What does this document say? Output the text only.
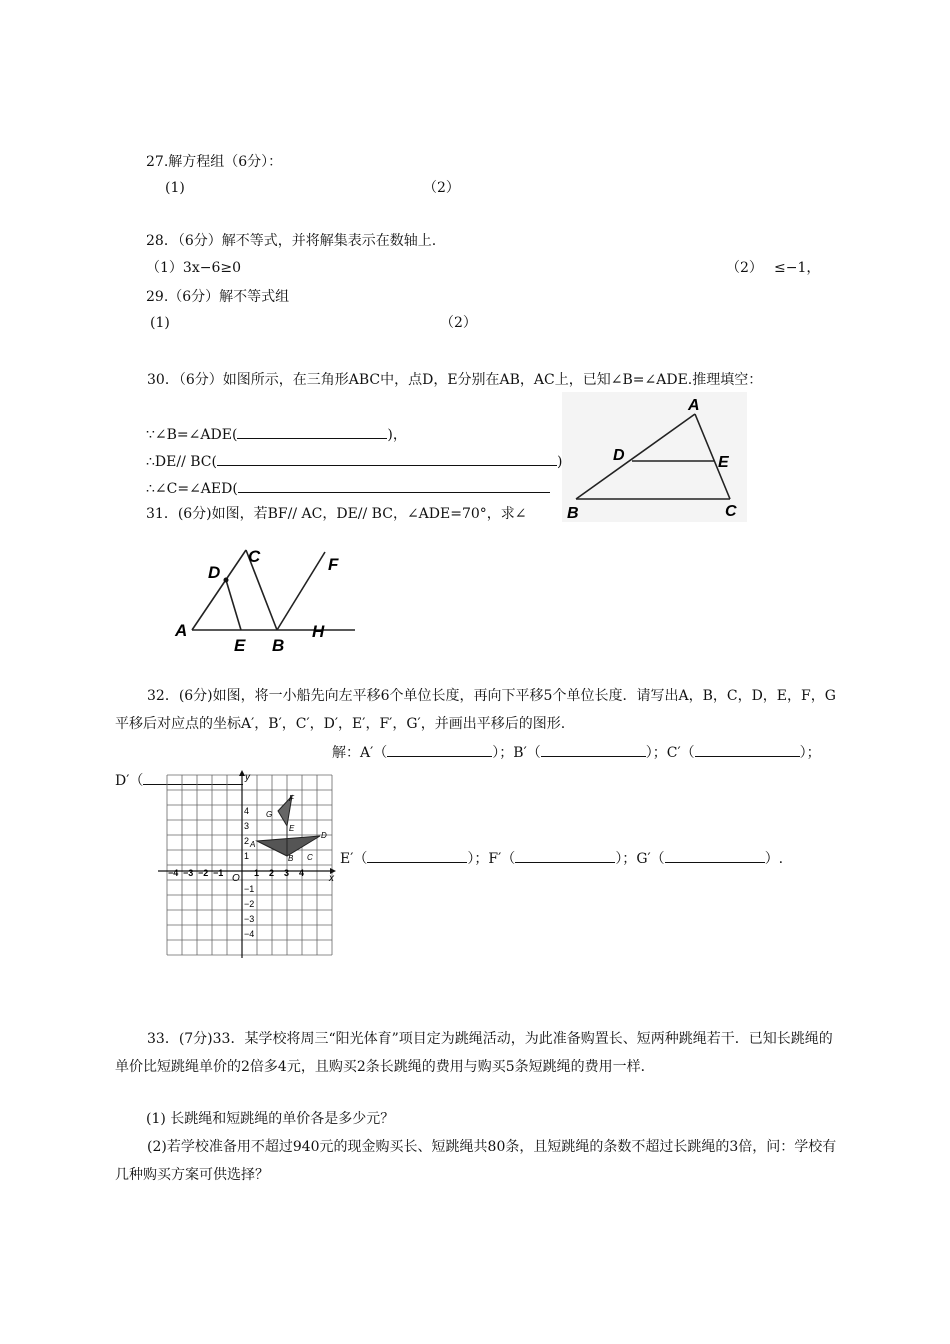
27.解方程组（6分）：
(1)	（2）
28．（6分）解不等式，并将解集表示在数轴上.
（1）3x−6≥0	（2） ≤−1，
29.（6分）解不等式组
(1)	（2）
30．（6分）如图所示，在三角形ABC中，点D，E分别在AB，AC上，已知∠B=∠ADE.推理填空：
∵∠B=∠ADE(	)，
∴DE// BC(	)
∴∠C=∠AED(
A
D	E
B	C
31．(6分)如图，若BF// AC，DE// BC，∠ADE=70°，求∠
D
C	F
A
E B
H
32．(6分)如图，将一小船先向左平移6个单位长度，再向下平移5个单位长度．请写出A，B，C，D，E，F，G平移后对应点的坐标A′，B′，C′，D′，E′，F′，G′，并画出平移后的图形.
解：A′（	）；B′（	）；C′（	）；
D′（
E′（	）；F′（	）；G′（	）.
y
x
O
−4 −3 −2 −1	1 2 3 4
4
3
2
1
−1
−2
−3
−4
A
B C
D
E
F
G
33．(7分)33．某学校将周三“阳光体育”项目定为跳绳活动，为此准备购置长、短两种跳绳若干．已知长跳绳的单价比短跳绳单价的2倍多4元，且购买2条长跳绳的费用与购买5条短跳绳的费用一样．
(1) 长跳绳和短跳绳的单价各是多少元？
(2)若学校准备用不超过940元的现金购买长、短跳绳共80条，且短跳绳的条数不超过长跳绳的3倍，问：学校有几种购买方案可供选择？
